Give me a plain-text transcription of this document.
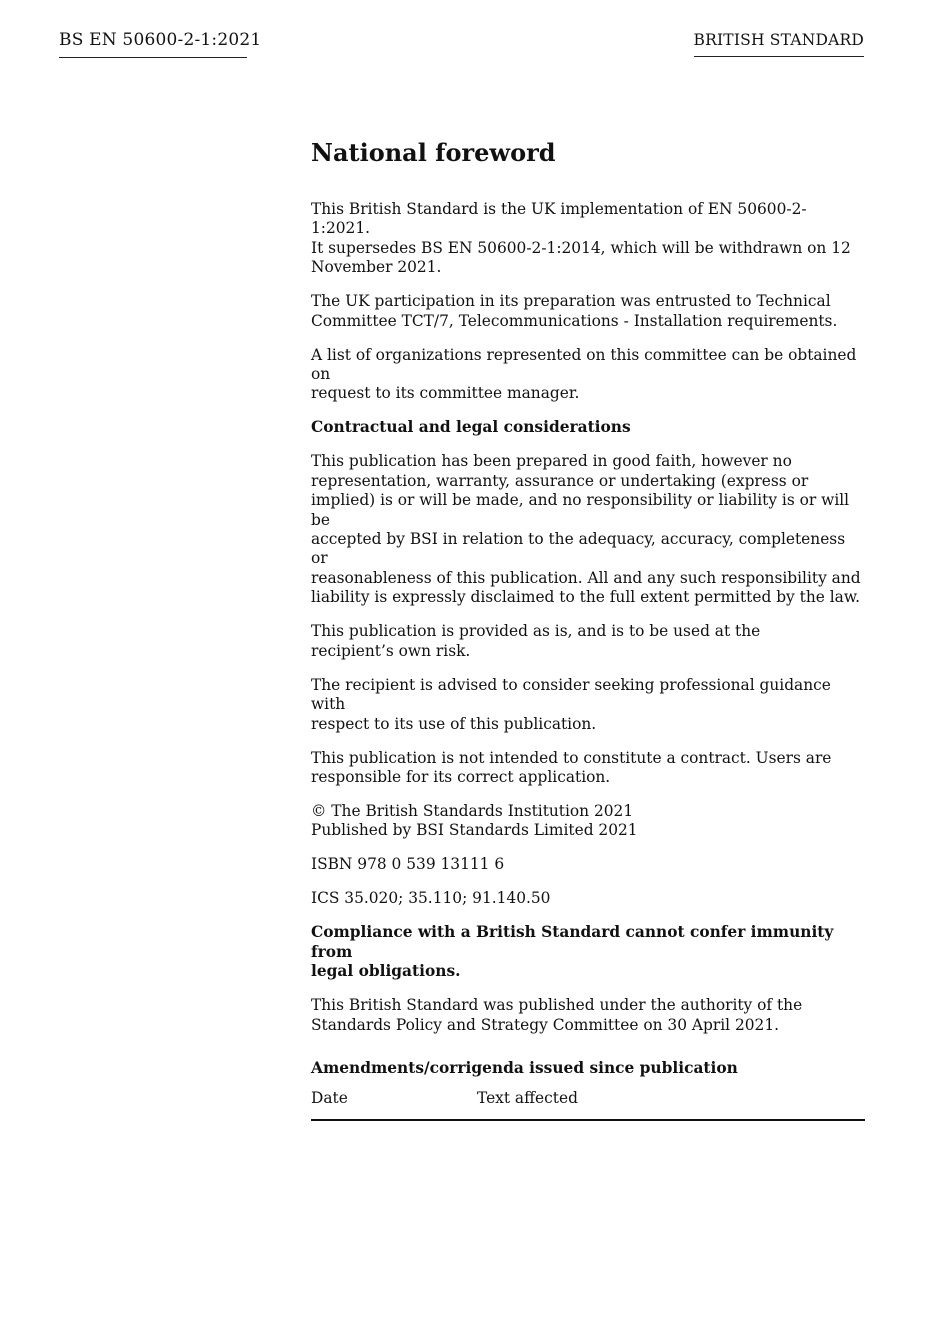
BS EN 50600-2-1:2021	BRITISH STANDARD
National foreword
This British Standard is the UK implementation of EN 50600-2-1:2021.
It supersedes BS EN 50600-2-1:2014, which will be withdrawn on 12
November 2021.
The UK participation in its preparation was entrusted to Technical
Committee TCT/7, Telecommunications - Installation requirements.
A list of organizations represented on this committee can be obtained on
request to its committee manager.
Contractual and legal considerations
This publication has been prepared in good faith, however no
representation, warranty, assurance or undertaking (express or
implied) is or will be made, and no responsibility or liability is or will be
accepted by BSI in relation to the adequacy, accuracy, completeness or
reasonableness of this publication. All and any such responsibility and
liability is expressly disclaimed to the full extent permitted by the law.
This publication is provided as is, and is to be used at the
recipient’s own risk.
The recipient is advised to consider seeking professional guidance with
respect to its use of this publication.
This publication is not intended to constitute a contract. Users are
responsible for its correct application.
© The British Standards Institution 2021
Published by BSI Standards Limited 2021
ISBN 978 0 539 13111 6
ICS 35.020; 35.110; 91.140.50
Compliance with a British Standard cannot confer immunity from
legal obligations.
This British Standard was published under the authority of the
Standards Policy and Strategy Committee on 30 April 2021.
Amendments/corrigenda issued since publication
Date	Text affected
